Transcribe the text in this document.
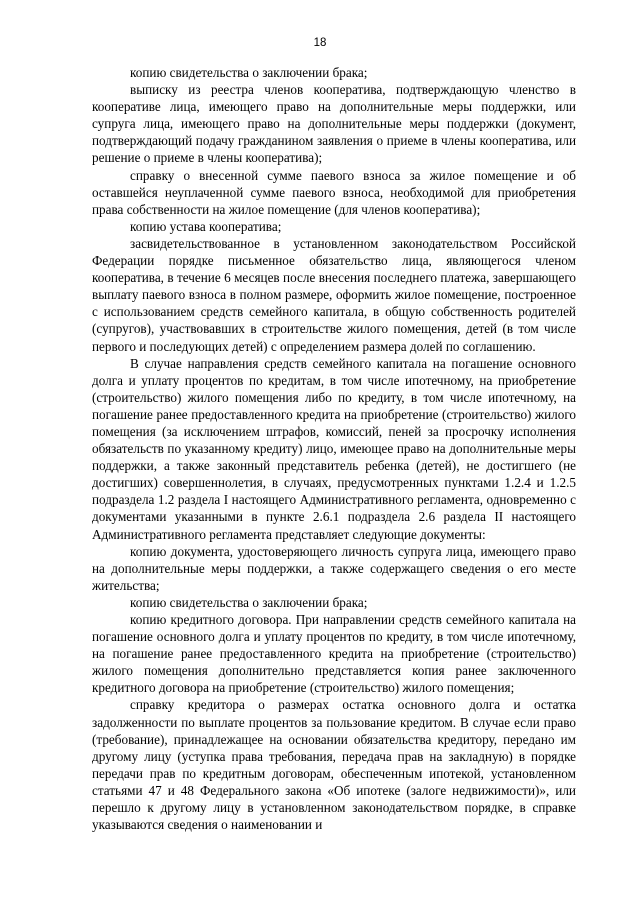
18

копию свидетельства о заключении брака;

выписку из реестра членов кооператива, подтверждающую членство в кооперативе лица, имеющего право на дополнительные меры поддержки, или супруга лица, имеющего право на дополнительные меры поддержки (документ, подтверждающий подачу гражданином заявления о приеме в члены кооператива, или решение о приеме в члены кооператива);

справку о внесенной сумме паевого взноса за жилое помещение и об оставшейся неуплаченной сумме паевого взноса, необходимой для приобретения права собственности на жилое помещение (для членов кооператива);

копию устава кооператива;

засвидетельствованное в установленном законодательством Российской Федерации порядке письменное обязательство лица, являющегося членом кооператива, в течение 6 месяцев после внесения последнего платежа, завершающего выплату паевого взноса в полном размере, оформить жилое помещение, построенное с использованием средств семейного капитала, в общую собственность родителей (супругов), участвовавших в строительстве жилого помещения, детей (в том числе первого и последующих детей) с определением размера долей по соглашению.

В случае направления средств семейного капитала на погашение основного долга и уплату процентов по кредитам, в том числе ипотечному, на приобретение (строительство) жилого помещения либо по кредиту, в том числе ипотечному, на погашение ранее предоставленного кредита на приобретение (строительство) жилого помещения (за исключением штрафов, комиссий, пеней за просрочку исполнения обязательств по указанному кредиту) лицо, имеющее право на дополнительные меры поддержки, а также законный представитель ребенка (детей), не достигшего (не достигших) совершеннолетия, в случаях, предусмотренных пунктами 1.2.4 и 1.2.5 подраздела 1.2 раздела I настоящего Административного регламента, одновременно с документами указанными в пункте 2.6.1 подраздела 2.6 раздела II настоящего Административного регламента представляет следующие документы:

копию документа, удостоверяющего личность супруга лица, имеющего право на дополнительные меры поддержки, а также содержащего сведения о его месте жительства;

копию свидетельства о заключении брака;

копию кредитного договора. При направлении средств семейного капитала на погашение основного долга и уплату процентов по кредиту, в том числе ипотечному, на погашение ранее предоставленного кредита на приобретение (строительство) жилого помещения дополнительно представляется копия ранее заключенного кредитного договора на приобретение (строительство) жилого помещения;

справку кредитора о размерах остатка основного долга и остатка задолженности по выплате процентов за пользование кредитом. В случае если право (требование), принадлежащее на основании обязательства кредитору, передано им другому лицу (уступка права требования, передача прав на закладную) в порядке передачи прав по кредитным договорам, обеспеченным ипотекой, установленном статьями 47 и 48 Федерального закона «Об ипотеке (залоге недвижимости)», или перешло к другому лицу в установленном законодательством порядке, в справке указываются сведения о наименовании и
